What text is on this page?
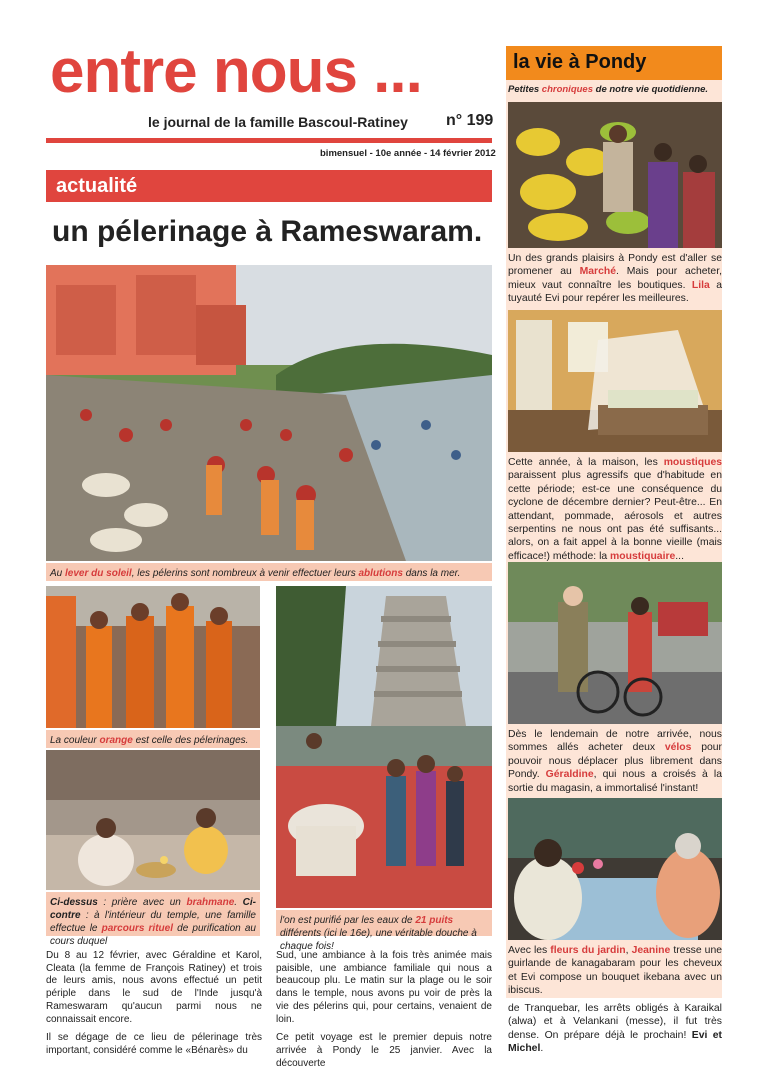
entre nous ...
le journal de la famille Bascoul-Ratiney n° 199
bimensuel - 10e année - 14 février 2012
actualité
un pélerinage à Rameswaram.
Au lever du soleil, les pélerins sont nombreux à venir effectuer leurs ablutions dans la mer.
La couleur orange est celle des pélerinages.
Ci-dessus : prière avec un brahmane. Ci-contre : à l'intérieur du temple, une famille effectue le parcours rituel de purification au cours duquel
l'on est purifié par les eaux de 21 puits différents (ici le 16e), une véritable douche à chaque fois!

Du 8 au 12 février, avec Géraldine et Karol, Cleata (la femme de François Ratiney) et trois de leurs amis, nous avons effectué un petit périple dans le sud de l'Inde jusqu'à Rameswaram qu'aucun parmi nous ne connaissait encore.

Il se dégage de ce lieu de pélerinage très important, considéré comme le «Bénarès» du

Sud, une ambiance à la fois très animée mais paisible, une ambiance familiale qui nous a beaucoup plu. Le matin sur la plage ou le soir dans le temple, nous avons pu voir de près la vie des pélerins qui, pour certains, venaient de loin.

Ce petit voyage est le premier depuis notre arrivée à Pondy le 25 janvier. Avec la découverte

la vie à Pondy
Petites chroniques de notre vie quotidienne.
Un des grands plaisirs à Pondy est d'aller se promener au Marché. Mais pour acheter, mieux vaut connaître les boutiques. Lila a tuyauté Evi pour repérer les meilleures.
Cette année, à la maison, les moustiques paraissent plus agressifs que d'habitude en cette période; est-ce une conséquence du cyclone de décembre dernier? Peut-être... En attendant, pommade, aérosols et autres serpentins ne nous ont pas été suffisants... alors, on a fait appel à la bonne vieille (mais efficace!) méthode: la moustiquaire...
Dès le lendemain de notre arrivée, nous sommes allés acheter deux vélos pour pouvoir nous déplacer plus librement dans Pondy. Géraldine, qui nous a croisés à la sortie du magasin, a immortalisé l'instant!
Avec les fleurs du jardin, Jeanine tresse une guirlande de kanagabaram pour les cheveux et Evi compose un bouquet ikebana avec un ibiscus.
de Tranquebar, les arrêts obligés à Karaikal (alwa) et à Velankani (messe), il fut très dense. On prépare déjà le prochain! Evi et Michel.
